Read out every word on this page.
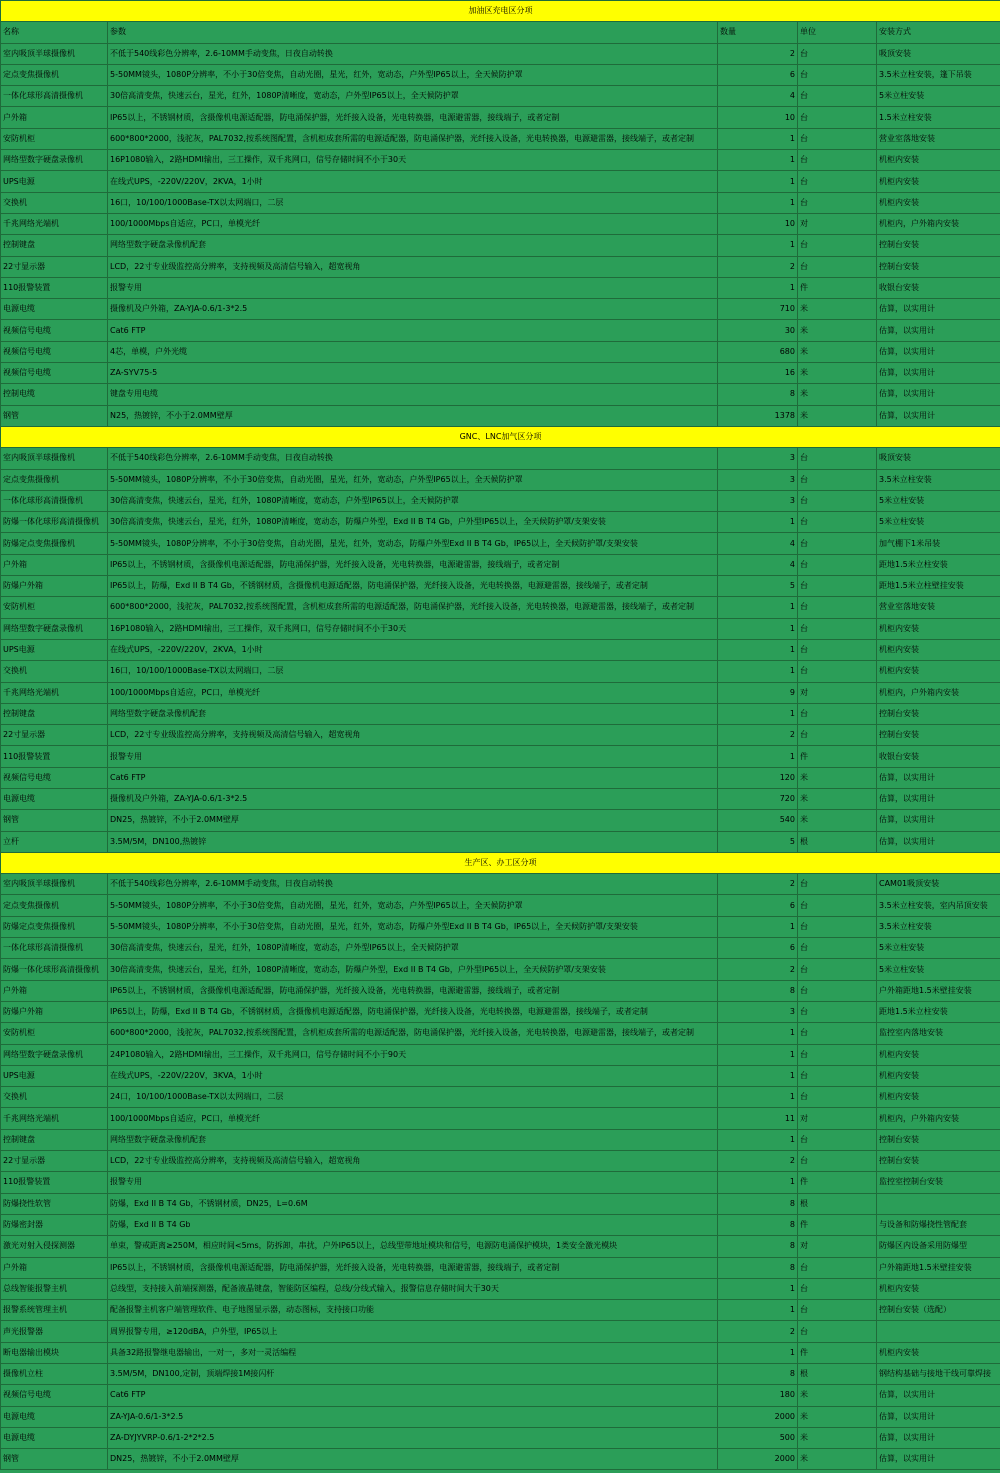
加油区充电区分项				
名称	参数	数量	单位	安装方式
室内吸顶半球摄像机	不低于540线彩色分辨率，2.6-10MM手动变焦，日夜自动转换	2	台	吸顶安装
定点变焦摄像机	5-50MM镜头，1080P分辨率，不小于30倍变焦，自动光圈，星光，红外，宽动态，户外型IP65以上，全天候防护罩	6	台	3.5米立柱安装，篷下吊装
一体化球形高清摄像机	30倍高清变焦，快速云台，星光，红外，1080P清晰度，宽动态，户外型IP65以上，全天候防护罩	4	台	5米立柱安装
户外箱	IP65以上，不锈钢材质，含摄像机电源适配器，防电涌保护器，光纤接入设备，光电转换器，电源避雷器，接线端子，或者定制	10	台	1.5米立柱安装
安防机柜	600*800*2000，浅驼灰，PAL7032,按系统图配置，含机柜成套所需的电源适配器，防电涌保护器，光纤接入设备，光电转换器，电源避雷器，接线端子，或者定制	1	台	营业室落地安装
网络型数字硬盘录像机	16P1080输入，2路HDMI输出，三工操作，双千兆网口，信号存储时间不小于30天	1	台	机柜内安装
UPS电源	在线式UPS，-220V/220V，2KVA，1小时	1	台	机柜内安装
交换机	16口，10/100/1000Base-TX以太网端口，二层	1	台	机柜内安装
千兆网络光端机	100/1000Mbps自适应，PC口，单模光纤	10	对	机柜内，户外箱内安装
控制键盘	网络型数字硬盘录像机配套	1	台	控制台安装
22寸显示器	LCD，22寸专业级监控高分辨率，支持视频及高清信号输入，超宽视角	2	台	控制台安装
110报警装置	报警专用	1	件	收银台安装
电源电缆	摄像机及户外箱，ZA-YJA-0.6/1-3*2.5	710	米	估算，以实用计
视频信号电缆	Cat6 FTP	30	米	估算，以实用计
视频信号电缆	4芯，单模，户外光缆	680	米	估算，以实用计
视频信号电缆	ZA-SYV75-5	16	米	估算，以实用计
控制电缆	键盘专用电缆	8	米	估算，以实用计
钢管	N25，热镀锌，不小于2.0MM壁厚	1378	米	估算，以实用计
GNC、LNC加气区分项				
室内吸顶半球摄像机	不低于540线彩色分辨率，2.6-10MM手动变焦，日夜自动转换	3	台	吸顶安装
定点变焦摄像机	5-50MM镜头，1080P分辨率，不小于30倍变焦，自动光圈，星光，红外，宽动态，户外型IP65以上，全天候防护罩	3	台	3.5米立柱安装
一体化球形高清摄像机	30倍高清变焦，快速云台，星光，红外，1080P清晰度，宽动态，户外型IP65以上，全天候防护罩	3	台	5米立柱安装
防爆一体化球形高清摄像机	30倍高清变焦，快速云台，星光，红外，1080P清晰度，宽动态，防爆户外型，Exd II B T4 Gb，户外型IP65以上，全天候防护罩/支架安装	1	台	5米立柱安装
防爆定点变焦摄像机	5-50MM镜头，1080P分辨率，不小于30倍变焦，自动光圈，星光，红外，宽动态，防爆户外型Exd II B T4 Gb，IP65以上，全天候防护罩/支架安装	4	台	加气棚下1米吊装
户外箱	IP65以上，不锈钢材质，含摄像机电源适配器，防电涌保护器，光纤接入设备，光电转换器，电源避雷器，接线端子，或者定制	4	台	距地1.5米立柱安装
防爆户外箱	IP65以上，防爆，Exd II B T4 Gb，不锈钢材质，含摄像机电源适配器，防电涌保护器，光纤接入设备，光电转换器，电源避雷器，接线端子，或者定制	5	台	距地1.5米立柱壁挂安装
安防机柜	600*800*2000，浅驼灰，PAL7032,按系统图配置，含机柜成套所需的电源适配器，防电涌保护器，光纤接入设备，光电转换器，电源避雷器，接线端子，或者定制	1	台	营业室落地安装
网络型数字硬盘录像机	16P1080输入，2路HDMI输出，三工操作，双千兆网口，信号存储时间不小于30天	1	台	机柜内安装
UPS电源	在线式UPS，-220V/220V，2KVA，1小时	1	台	机柜内安装
交换机	16口，10/100/1000Base-TX以太网端口，二层	1	台	机柜内安装
千兆网络光端机	100/1000Mbps自适应，PC口，单模光纤	9	对	机柜内，户外箱内安装
控制键盘	网络型数字硬盘录像机配套	1	台	控制台安装
22寸显示器	LCD，22寸专业级监控高分辨率，支持视频及高清信号输入，超宽视角	2	台	控制台安装
110报警装置	报警专用	1	件	收银台安装
视频信号电缆	Cat6 FTP	120	米	估算，以实用计
电源电缆	摄像机及户外箱，ZA-YJA-0.6/1-3*2.5	720	米	估算，以实用计
钢管	DN25，热镀锌，不小于2.0MM壁厚	540	米	估算，以实用计
立杆	3.5M/5M，DN100,热镀锌	5	根	估算，以实用计
生产区、办工区分项				
室内吸顶半球摄像机	不低于540线彩色分辨率，2.6-10MM手动变焦，日夜自动转换	2	台	CAM01吸顶安装
定点变焦摄像机	5-50MM镜头，1080P分辨率，不小于30倍变焦，自动光圈，星光，红外，宽动态，户外型IP65以上，全天候防护罩	6	台	3.5米立柱安装，室内吊顶安装
防爆定点变焦摄像机	5-50MM镜头，1080P分辨率，不小于30倍变焦，自动光圈，星光，红外，宽动态，防爆户外型Exd II B T4 Gb，IP65以上，全天候防护罩/支架安装	1	台	3.5米立柱安装
一体化球形高清摄像机	30倍高清变焦，快速云台，星光，红外，1080P清晰度，宽动态，户外型IP65以上，全天候防护罩	6	台	5米立柱安装
防爆一体化球形高清摄像机	30倍高清变焦，快速云台，星光，红外，1080P清晰度，宽动态，防爆户外型，Exd II B T4 Gb，户外型IP65以上，全天候防护罩/支架安装	2	台	5米立柱安装
户外箱	IP65以上，不锈钢材质，含摄像机电源适配器，防电涌保护器，光纤接入设备，光电转换器，电源避雷器，接线端子，或者定制	8	台	户外箱距地1.5米壁挂安装
防爆户外箱	IP65以上，防爆，Exd II B T4 Gb，不锈钢材质，含摄像机电源适配器，防电涌保护器，光纤接入设备，光电转换器，电源避雷器，接线端子，或者定制	3	台	距地1.5米立柱安装
安防机柜	600*800*2000，浅驼灰，PAL7032,按系统图配置，含机柜成套所需的电源适配器，防电涌保护器，光纤接入设备，光电转换器，电源避雷器，接线端子，或者定制	1	台	监控室内落地安装
网络型数字硬盘录像机	24P1080输入，2路HDMI输出，三工操作，双千兆网口，信号存储时间不小于90天	1	台	机柜内安装
UPS电源	在线式UPS，-220V/220V，3KVA，1小时	1	台	机柜内安装
交换机	24口，10/100/1000Base-TX以太网端口，二层	1	台	机柜内安装
千兆网络光端机	100/1000Mbps自适应，PC口，单模光纤	11	对	机柜内，户外箱内安装
控制键盘	网络型数字硬盘录像机配套	1	台	控制台安装
22寸显示器	LCD，22寸专业级监控高分辨率，支持视频及高清信号输入，超宽视角	2	台	控制台安装
110报警装置	报警专用	1	件	监控室控制台安装
防爆挠性软管	防爆，Exd II B T4 Gb，不锈钢材质，DN25，L=0.6M	8	根	
防爆密封器	防爆，Exd II B T4 Gb	8	件	与设备和防爆挠性管配套
激光对射入侵探测器	单束，警戒距离≥250M，相应时间<5ms，防拆卸，串扰，户外IP65以上，总线型带地址模块和信号，电源防电涌保护模块，1类安全激光模块	8	对	防爆区内设备采用防爆型
户外箱	IP65以上，不锈钢材质，含摄像机电源适配器，防电涌保护器，光纤接入设备，光电转换器，电源避雷器，接线端子，或者定制	8	台	户外箱距地1.5米壁挂安装
总线智能报警主机	总线型，支持接入前端探测器，配备液晶键盘，智能防区编程，总线/分线式输入，报警信息存储时间大于30天	1	台	机柜内安装
报警系统管理主机	配备报警主机客户端管理软件、电子地图显示器，动态图标，支持接口功能	1	台	控制台安装（选配）
声光报警器	周界报警专用，≥120dBA，户外型，IP65以上	2	台	
断电器输出模块	具备32路报警继电器输出，一对一，多对一灵活编程	1	件	机柜内安装
摄像机立柱	3.5M/5M，DN100,定制，顶端焊接1M接闪杆	8	根	钢结构基础与接地干线可靠焊接
视频信号电缆	Cat6 FTP	180	米	估算，以实用计
电源电缆	ZA-YJA-0.6/1-3*2.5	2000	米	估算，以实用计
电源电缆	ZA-DYJYVRP-0.6/1-2*2*2.5	500	米	估算，以实用计
钢管	DN25，热镀锌，不小于2.0MM壁厚	2000	米	估算，以实用计
